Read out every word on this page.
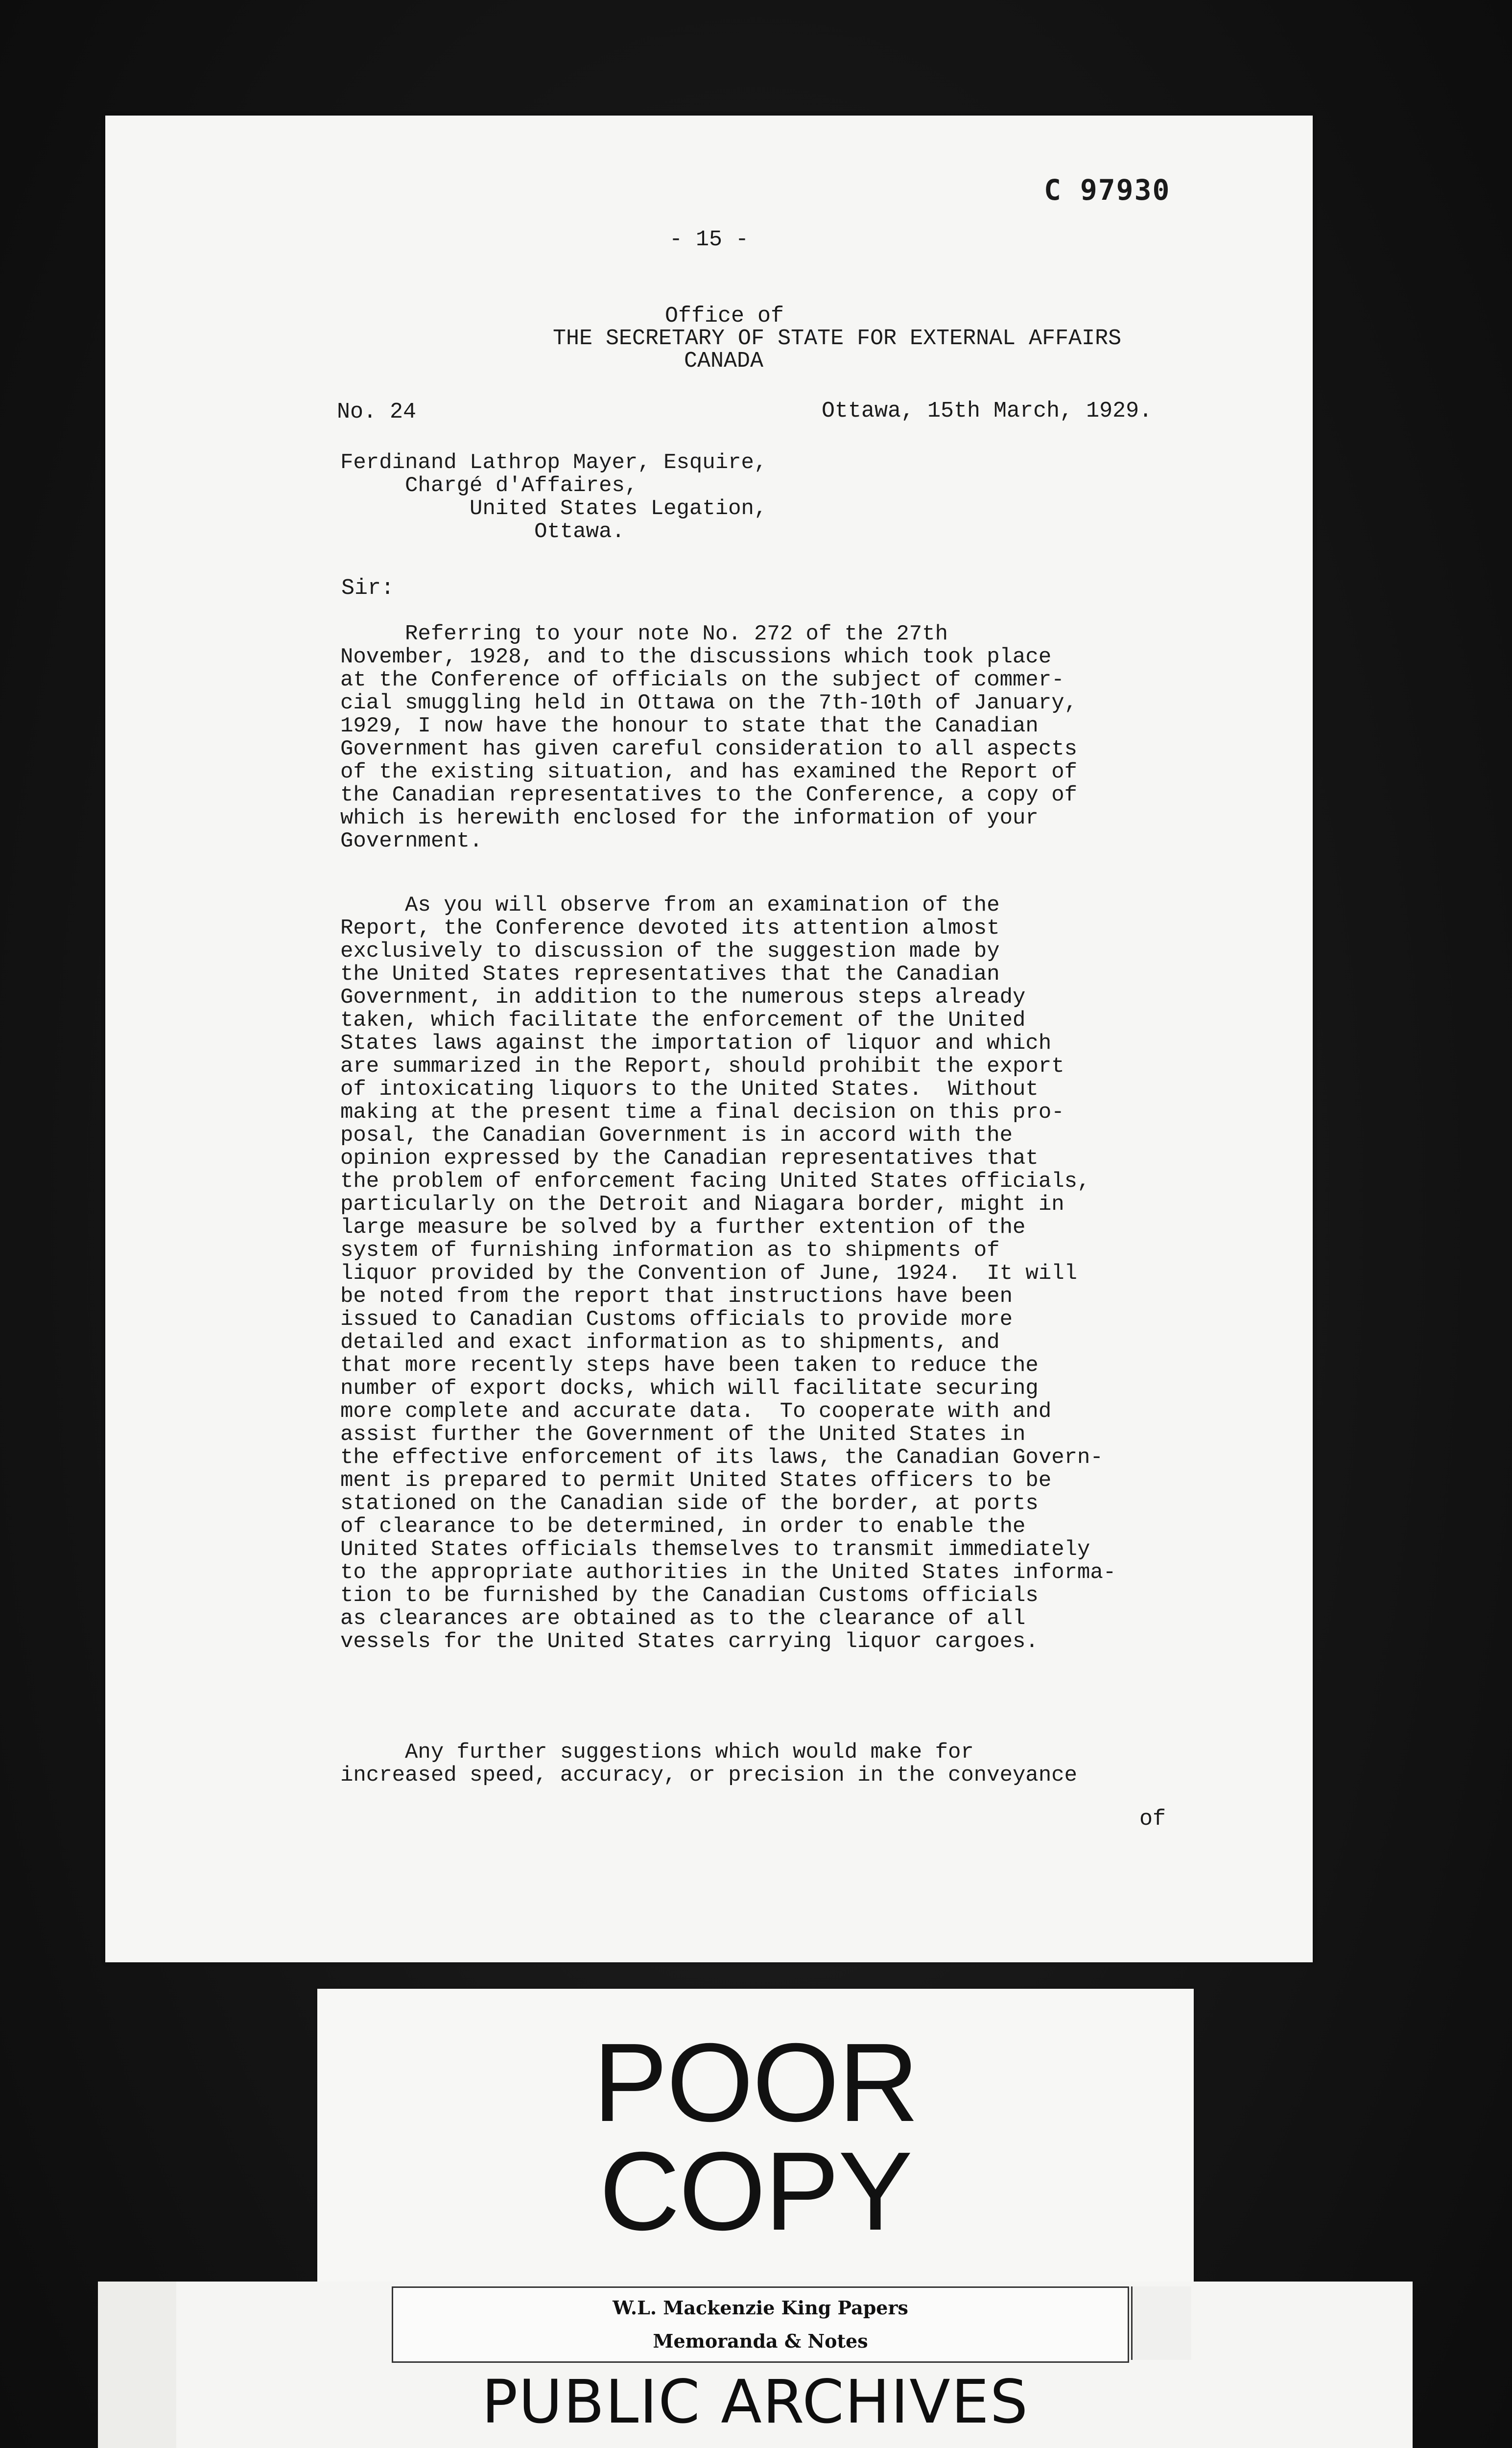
C 97930
- 15 -
Office of
THE SECRETARY OF STATE FOR EXTERNAL AFFAIRS
CANADA
No. 24	Ottawa, 15th March, 1929.
Ferdinand Lathrop Mayer, Esquire,
Chargé d'Affaires,
United States Legation,
Ottawa.
Sir:
Referring to your note No. 272 of the 27th
November, 1928, and to the discussions which took place
at the Conference of officials on the subject of commer-
cial smuggling held in Ottawa on the 7th-10th of January,
1929, I now have the honour to state that the Canadian
Government has given careful consideration to all aspects
of the existing situation, and has examined the Report of
the Canadian representatives to the Conference, a copy of
which is herewith enclosed for the information of your
Government.
As you will observe from an examination of the
Report, the Conference devoted its attention almost
exclusively to discussion of the suggestion made by
the United States representatives that the Canadian
Government, in addition to the numerous steps already
taken, which facilitate the enforcement of the United
States laws against the importation of liquor and which
are summarized in the Report, should prohibit the export
of intoxicating liquors to the United States.  Without
making at the present time a final decision on this pro-
posal, the Canadian Government is in accord with the
opinion expressed by the Canadian representatives that
the problem of enforcement facing United States officials,
particularly on the Detroit and Niagara border, might in
large measure be solved by a further extention of the
system of furnishing information as to shipments of
liquor provided by the Convention of June, 1924.  It will
be noted from the report that instructions have been
issued to Canadian Customs officials to provide more
detailed and exact information as to shipments, and
that more recently steps have been taken to reduce the
number of export docks, which will facilitate securing
more complete and accurate data.  To cooperate with and
assist further the Government of the United States in
the effective enforcement of its laws, the Canadian Govern-
ment is prepared to permit United States officers to be
stationed on the Canadian side of the border, at ports
of clearance to be determined, in order to enable the
United States officials themselves to transmit immediately
to the appropriate authorities in the United States informa-
tion to be furnished by the Canadian Customs officials
as clearances are obtained as to the clearance of all
vessels for the United States carrying liquor cargoes.
Any further suggestions which would make for
increased speed, accuracy, or precision in the conveyance
of
POOR
COPY
W.L. Mackenzie King Papers
Memoranda & Notes
PUBLIC ARCHIVES
